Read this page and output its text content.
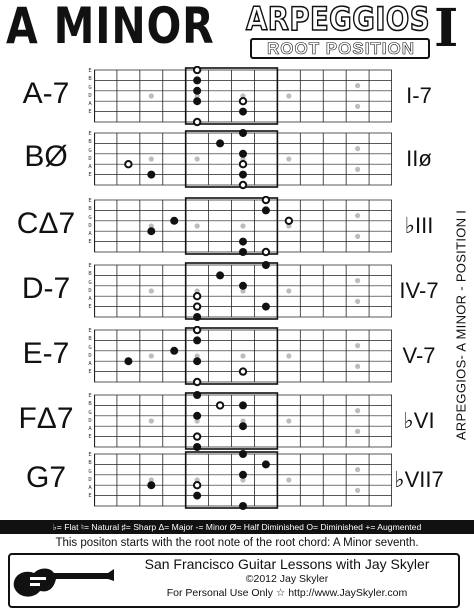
A MINOR ARPEGGIOS
ROOT POSITION I
A-7
E
B
G
D
A
E
I-7
BØ
E
B
G
D
A
E
IIø
CΔ7
E
B
G
D
A
E
♭III
D-7
E
B
G
D
A
E
IV-7
E-7
E
B
G
D
A
E
V-7
FΔ7
E
B
G
D
A
E
♭VI
G7
E
B
G
D
A
E
♭VII7
ARPEGGIOS- A MINOR - POSITION I
♭= Flat ♮= Natural ♯= Sharp Δ= Major -= Minor Ø= Half Diminished O= Diminished += Augmented
This positon starts with the root note of the root chord: A Minor seventh.
San Francisco Guitar Lessons with Jay Skyler
©2012 Jay Skyler
For Personal Use Only ☆ http://www.JaySkyler.com
